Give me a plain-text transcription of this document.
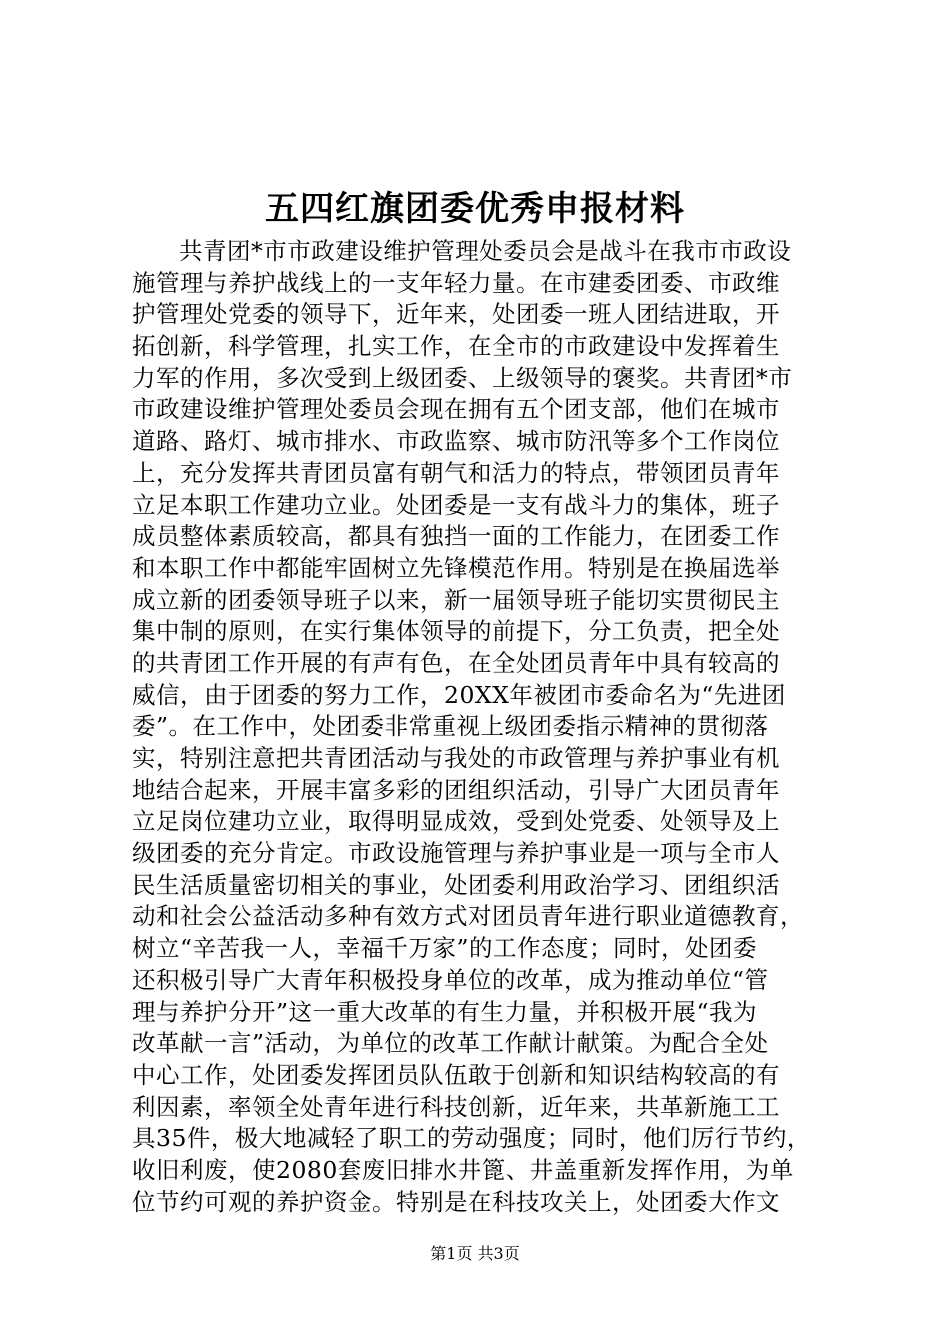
五四红旗团委优秀申报材料
共青团*市市政建设维护管理处委员会是战斗在我市市政设
施管理与养护战线上的一支年轻力量。在市建委团委、市政维
护管理处党委的领导下，近年来，处团委一班人团结进取，开
拓创新，科学管理，扎实工作，在全市的市政建设中发挥着生
力军的作用，多次受到上级团委、上级领导的褒奖。共青团*市
市政建设维护管理处委员会现在拥有五个团支部，他们在城市
道路、路灯、城市排水、市政监察、城市防汛等多个工作岗位
上，充分发挥共青团员富有朝气和活力的特点，带领团员青年
立足本职工作建功立业。处团委是一支有战斗力的集体，班子
成员整体素质较高，都具有独挡一面的工作能力，在团委工作
和本职工作中都能牢固树立先锋模范作用。特别是在换届选举
成立新的团委领导班子以来，新一届领导班子能切实贯彻民主
集中制的原则，在实行集体领导的前提下，分工负责，把全处
的共青团工作开展的有声有色，在全处团员青年中具有较高的
威信，由于团委的努力工作，20XX年被团市委命名为“先进团
委”。在工作中，处团委非常重视上级团委指示精神的贯彻落
实，特别注意把共青团活动与我处的市政管理与养护事业有机
地结合起来，开展丰富多彩的团组织活动，引导广大团员青年
立足岗位建功立业，取得明显成效，受到处党委、处领导及上
级团委的充分肯定。市政设施管理与养护事业是一项与全市人
民生活质量密切相关的事业，处团委利用政治学习、团组织活
动和社会公益活动多种有效方式对团员青年进行职业道德教育，
树立“辛苦我一人，幸福千万家”的工作态度；同时，处团委
还积极引导广大青年积极投身单位的改革，成为推动单位“管
理与养护分开”这一重大改革的有生力量，并积极开展“我为
改革献一言”活动，为单位的改革工作献计献策。为配合全处
中心工作，处团委发挥团员队伍敢于创新和知识结构较高的有
利因素，率领全处青年进行科技创新，近年来，共革新施工工
具35件，极大地减轻了职工的劳动强度；同时，他们厉行节约，
收旧利废，使2080套废旧排水井篦、井盖重新发挥作用，为单
位节约可观的养护资金。特别是在科技攻关上，处团委大作文
第1页 共3页
